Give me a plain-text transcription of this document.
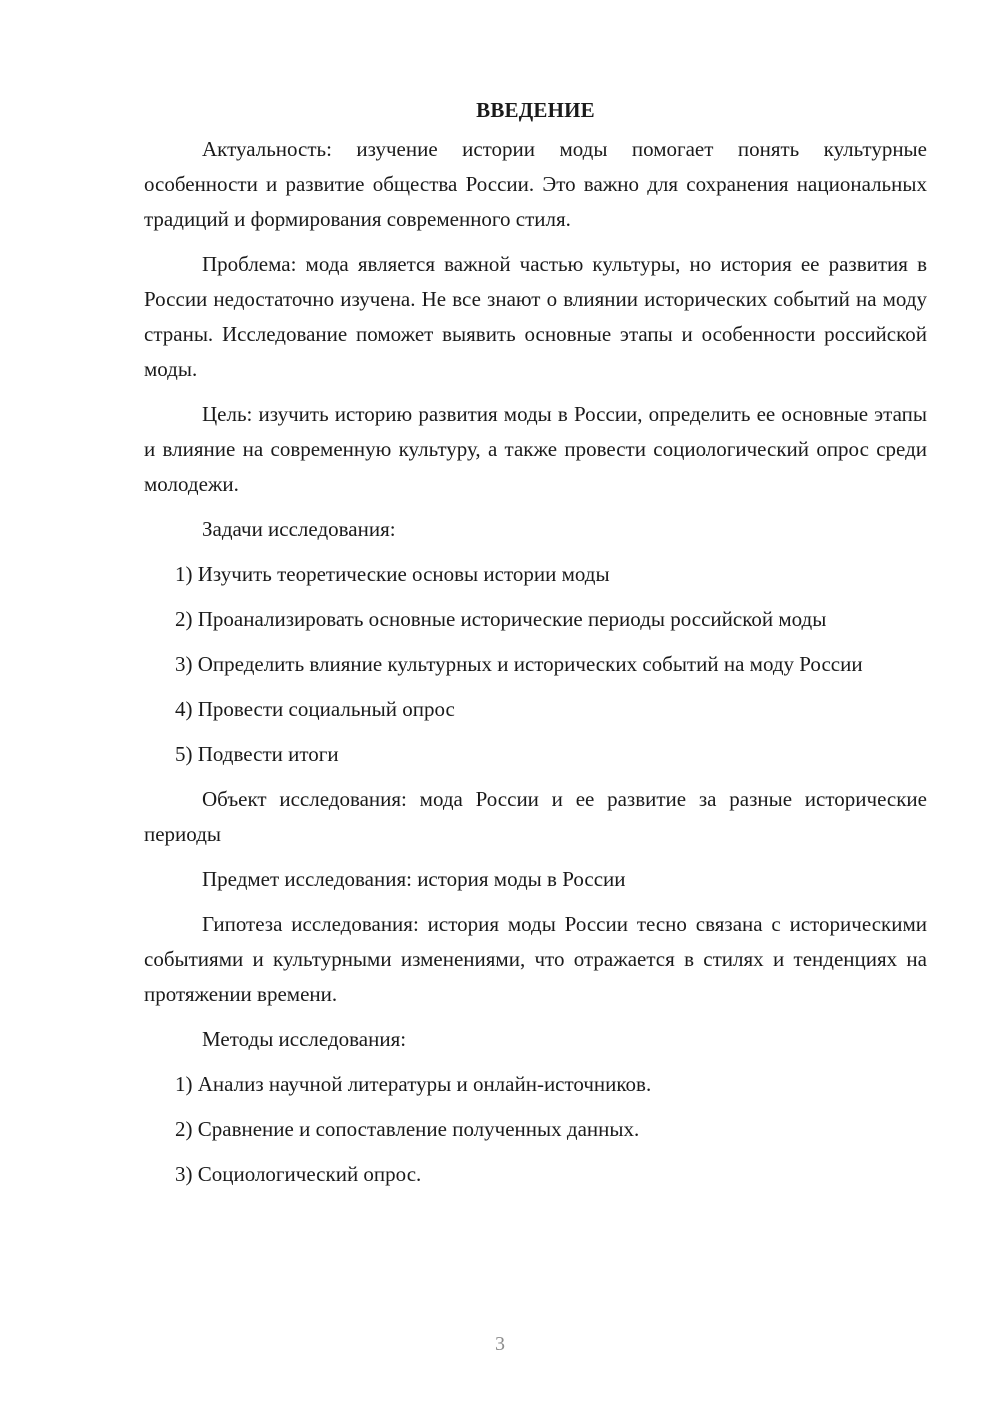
ВВЕДЕНИЕ

Актуальность: изучение истории моды помогает понять культурные особенности и развитие общества России. Это важно для сохранения национальных традиций и формирования современного стиля.

Проблема: мода является важной частью культуры, но история ее развития в России недостаточно изучена. Не все знают о влиянии исторических событий на моду страны. Исследование поможет выявить основные этапы и особенности российской моды.

Цель: изучить историю развития моды в России, определить ее основные этапы и влияние на современную культуру, а также провести социологический опрос среди молодежи.

Задачи исследования:

1) Изучить теоретические основы истории моды

2) Проанализировать основные исторические периоды российской моды

3) Определить влияние культурных и исторических событий на моду России

4) Провести социальный опрос

5) Подвести итоги

Объект исследования: мода России и ее развитие за разные исторические периоды

Предмет исследования: история моды в России

Гипотеза исследования: история моды России тесно связана с историческими событиями и культурными изменениями, что отражается в стилях и тенденциях на протяжении времени.

Методы исследования:

1) Анализ научной литературы и онлайн-источников.

2) Сравнение и сопоставление полученных данных.

3) Социологический опрос.

3
